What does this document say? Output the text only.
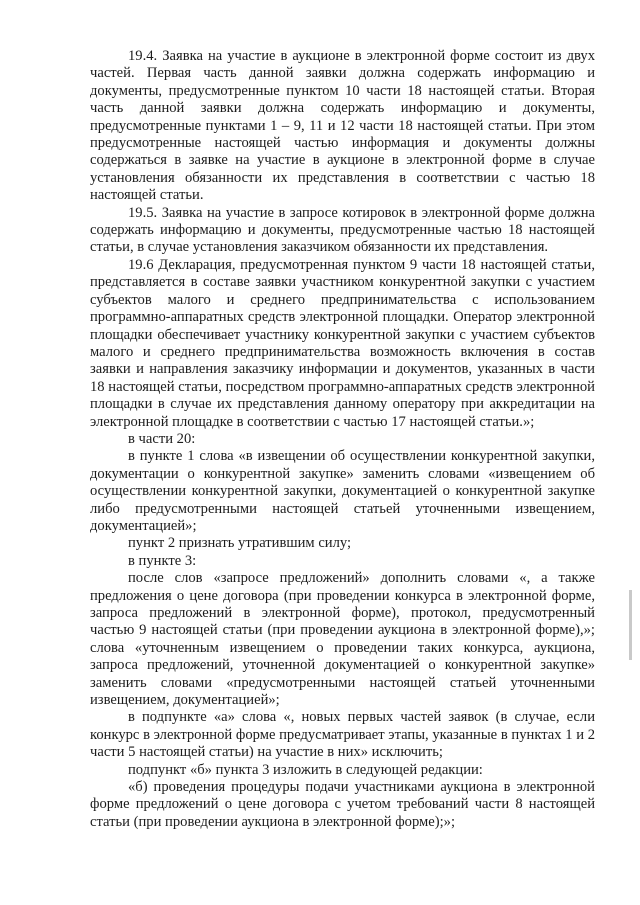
19.4. Заявка на участие в аукционе в электронной форме состоит из двух частей. Первая часть данной заявки должна содержать информацию и документы, предусмотренные пунктом 10 части 18 настоящей статьи. Вторая часть данной заявки должна содержать информацию и документы, предусмотренные пунктами 1 – 9, 11 и 12 части 18 настоящей статьи. При этом предусмотренные настоящей частью информация и документы должны содержаться в заявке на участие в аукционе в электронной форме в случае установления обязанности их представления в соответствии с частью 18 настоящей статьи.

19.5. Заявка на участие в запросе котировок в электронной форме должна содержать информацию и документы, предусмотренные частью 18 настоящей статьи, в случае установления заказчиком обязанности их представления.

19.6 Декларация, предусмотренная пунктом 9 части 18 настоящей статьи, представляется в составе заявки участником конкурентной закупки с участием субъектов малого и среднего предпринимательства с использованием программно-аппаратных средств электронной площадки. Оператор электронной площадки обеспечивает участнику конкурентной закупки с участием субъектов малого и среднего предпринимательства возможность включения в состав заявки и направления заказчику информации и документов, указанных в части 18 настоящей статьи, посредством программно-аппаратных средств электронной площадки в случае их представления данному оператору при аккредитации на электронной площадке в соответствии с частью 17 настоящей статьи.»;

в части 20:

в пункте 1 слова «в извещении об осуществлении конкурентной закупки, документации о конкурентной закупке» заменить словами «извещением об осуществлении конкурентной закупки, документацией о конкурентной закупке либо предусмотренными настоящей статьей уточненными извещением, документацией»;

пункт 2 признать утратившим силу;

в пункте 3:

после слов «запросе предложений» дополнить словами «, а также предложения о цене договора (при проведении конкурса в электронной форме, запроса предложений в электронной форме), протокол, предусмотренный частью 9 настоящей статьи (при проведении аукциона в электронной форме),»; слова «уточненным извещением о проведении таких конкурса, аукциона, запроса предложений, уточненной документацией о конкурентной закупке» заменить словами «предусмотренными настоящей статьей уточненными извещением, документацией»;

в подпункте «а» слова «, новых первых частей заявок (в случае, если конкурс в электронной форме предусматривает этапы, указанные в пунктах 1 и 2 части 5 настоящей статьи) на участие в них» исключить;

подпункт «б» пункта 3 изложить в следующей редакции:

«б) проведения процедуры подачи участниками аукциона в электронной форме предложений о цене договора с учетом требований части 8 настоящей статьи (при проведении аукциона в электронной форме);»;
